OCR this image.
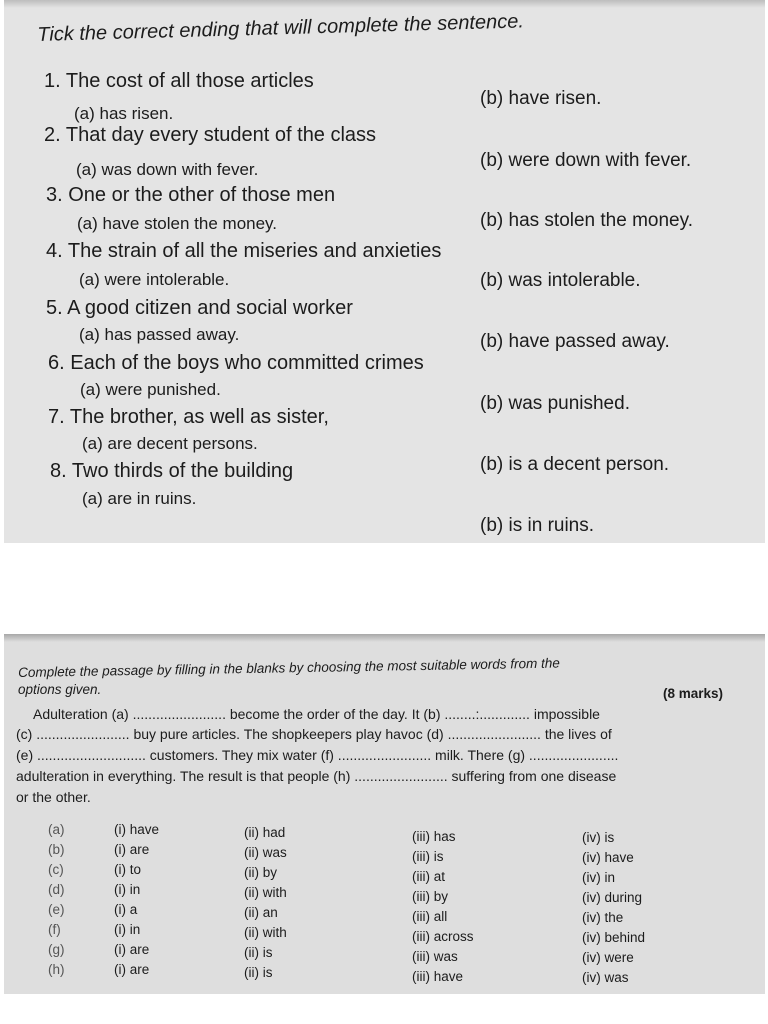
Tick the correct ending that will complete the sentence.
1. The cost of all those articles
(a) has risen.
(b) have risen.
2. That day every student of the class
(a) was down with fever.	(b) were down with fever.
3. One or the other of those men
(a) have stolen the money.	(b) has stolen the money.
4. The strain of all the miseries and anxieties
(a) were intolerable.	(b) was intolerable.
5. A good citizen and social worker
(a) has passed away.	(b) have passed away.
6. Each of the boys who committed crimes
(a) were punished.
(b) was punished.
7. The brother, as well as sister,
(a) are decent persons.
(b) is a decent person.
8. Two thirds of the building
(a) are in ruins.
(b) is in ruins.
Complete the passage by filling in the blanks by choosing the most suitable words from the
options given.	(8 marks)
Adulteration (a) ........................ become the order of the day. It (b) ........:............. impossible
(c) ........................ buy pure articles. The shopkeepers play havoc (d) ........................ the lives of
(e) ............................ customers. They mix water (f) ........................ milk. There (g) .......................
adulteration in everything. The result is that people (h) ........................ suffering from one disease
or the other.
(a)	(i) have	(ii) had	(iii) has	(iv) is
(b)	(i) are	(ii) was	(iii) is	(iv) have
(c)	(i) to	(ii) by	(iii) at	(iv) in
(d)	(i) in	(ii) with	(iii) by	(iv) during
(e)	(i) a	(ii) an	(iii) all	(iv) the
(f)	(i) in	(ii) with	(iii) across	(iv) behind
(g)	(i) are	(ii) is	(iii) was	(iv) were
(h)	(i) are	(ii) is	(iii) have	(iv) was
